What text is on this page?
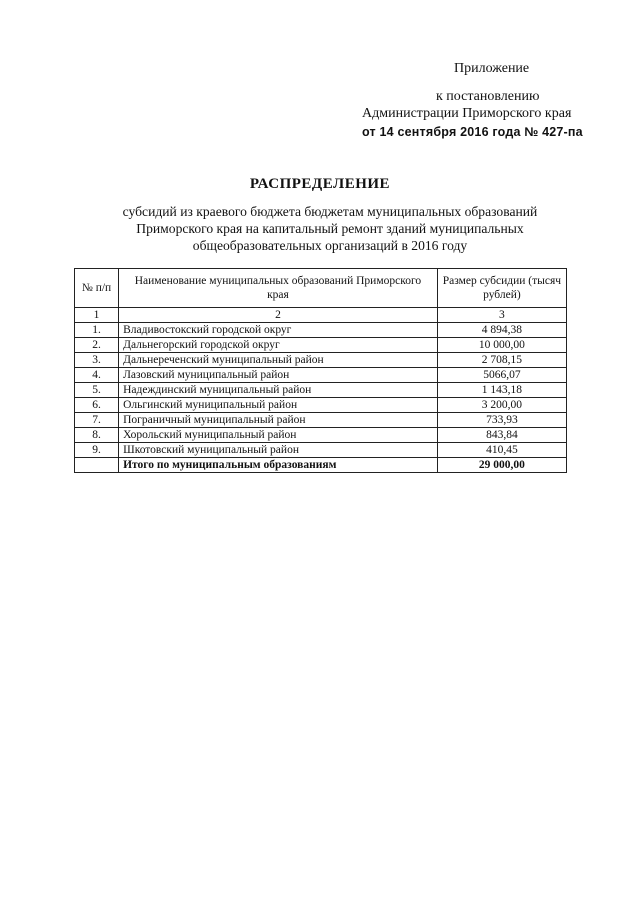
Приложение
к постановлению
Администрации Приморского края
от 14 сентября 2016 года № 427-па
РАСПРЕДЕЛЕНИЕ
субсидий из краевого бюджета бюджетам муниципальных образований Приморского края на капитальный ремонт зданий муниципальных общеобразовательных организаций в 2016 году
№ п/п	Наименование муниципальных образований Приморского края	Размер субсидии (тысяч рублей)
1	2	3
1.	Владивостокский городской округ	4 894,38
2.	Дальнегорский городской округ	10 000,00
3.	Дальнереченский муниципальный район	2 708,15
4.	Лазовский муниципальный район	5066,07
5.	Надеждинский муниципальный район	1 143,18
6.	Ольгинский муниципальный район	3 200,00
7.	Пограничный муниципальный район	733,93
8.	Хорольский муниципальный район	843,84
9.	Шкотовский муниципальный район	410,45
	Итого по муниципальным образованиям	29 000,00
